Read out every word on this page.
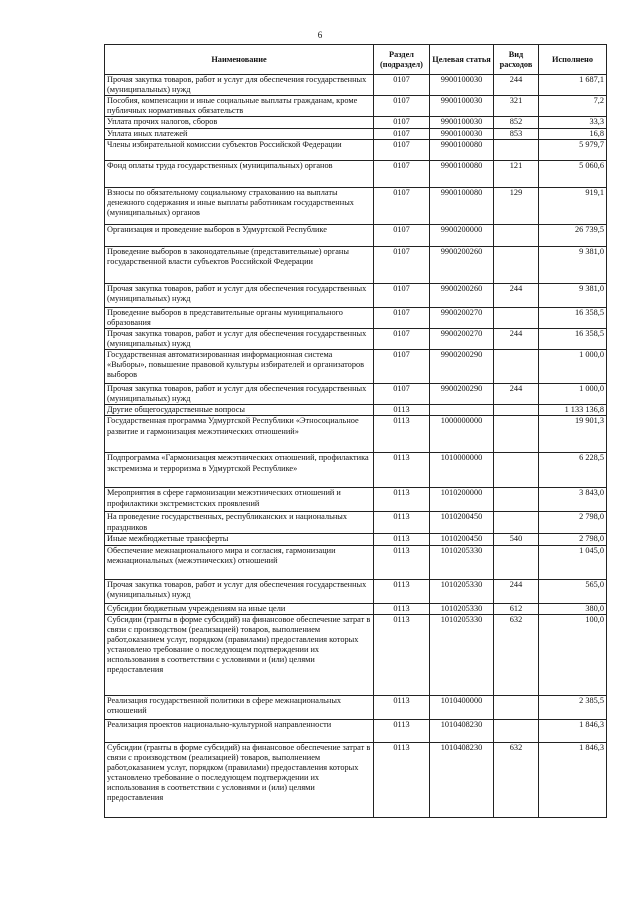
6
Наименование	Раздел (подраздел)	Целевая статья	Вид расходов	Исполнено
Прочая закупка товаров, работ и услуг для обеспечения государственных (муниципальных) нужд	0107	9900100030	244	1 687,1
Пособия, компенсации и иные социальные выплаты гражданам, кроме публичных нормативных обязательств	0107	9900100030	321	7,2
Уплата прочих налогов, сборов	0107	9900100030	852	33,3
Уплата иных платежей	0107	9900100030	853	16,8
Члены избирательной комиссии субъектов Российской Федерации	0107	9900100080		5 979,7
Фонд оплаты труда государственных (муниципальных) органов	0107	9900100080	121	5 060,6
Взносы по обязательному социальному страхованию на выплаты денежного содержания и иные выплаты работникам государственных (муниципальных) органов	0107	9900100080	129	919,1
Организация и проведение выборов в Удмуртской Республике	0107	9900200000		26 739,5
Проведение выборов в законодательные (представительные) органы государственной власти субъектов Российской Федерации	0107	9900200260		9 381,0
Прочая закупка товаров, работ и услуг для обеспечения государственных (муниципальных) нужд	0107	9900200260	244	9 381,0
Проведение выборов в представительные органы муниципального образования	0107	9900200270		16 358,5
Прочая закупка товаров, работ и услуг для обеспечения государственных (муниципальных) нужд	0107	9900200270	244	16 358,5
Государственная автоматизированная информационная система «Выборы», повышение правовой культуры избирателей и организаторов выборов	0107	9900200290		1 000,0
Прочая закупка товаров, работ и услуг для обеспечения государственных (муниципальных) нужд	0107	9900200290	244	1 000,0
Другие общегосударственные вопросы	0113			1 133 136,8
Государственная программа Удмуртской Республики «Этносоциальное развитие и гармонизация межэтнических отношений»	0113	1000000000		19 901,3
Подпрограмма «Гармонизация межэтнических отношений, профилактика экстремизма и терроризма в Удмуртской Республике»	0113	1010000000		6 228,5
Мероприятия в сфере гармонизации межэтнических отношений и профилактики экстремистских проявлений	0113	1010200000		3 843,0
На проведение государственных, республиканских и национальных праздников	0113	1010200450		2 798,0
Иные межбюджетные трансферты	0113	1010200450	540	2 798,0
Обеспечение межнационального мира и согласия, гармонизации межнациональных (межэтнических) отношений	0113	1010205330		1 045,0
Прочая закупка товаров, работ и услуг для обеспечения государственных (муниципальных) нужд	0113	1010205330	244	565,0
Субсидии бюджетным учреждениям на иные цели	0113	1010205330	612	380,0
Субсидии (гранты в форме субсидий) на финансовое обеспечение затрат в связи с производством (реализацией) товаров, выполнением работ,оказанием услуг, порядком (правилами) предоставления которых установлено требование о последующем подтверждении их использования в соответствии с условиями и (или) целями предоставления	0113	1010205330	632	100,0
Реализация государственной политики в сфере межнациональных отношений	0113	1010400000		2 385,5
Реализация проектов национально-культурной направленности	0113	1010408230		1 846,3
Субсидии (гранты в форме субсидий) на финансовое обеспечение затрат в связи с производством (реализацией) товаров, выполнением работ,оказанием услуг, порядком (правилами) предоставления которых установлено требование о последующем подтверждении их использования в соответствии с условиями и (или) целями предоставления	0113	1010408230	632	1 846,3
